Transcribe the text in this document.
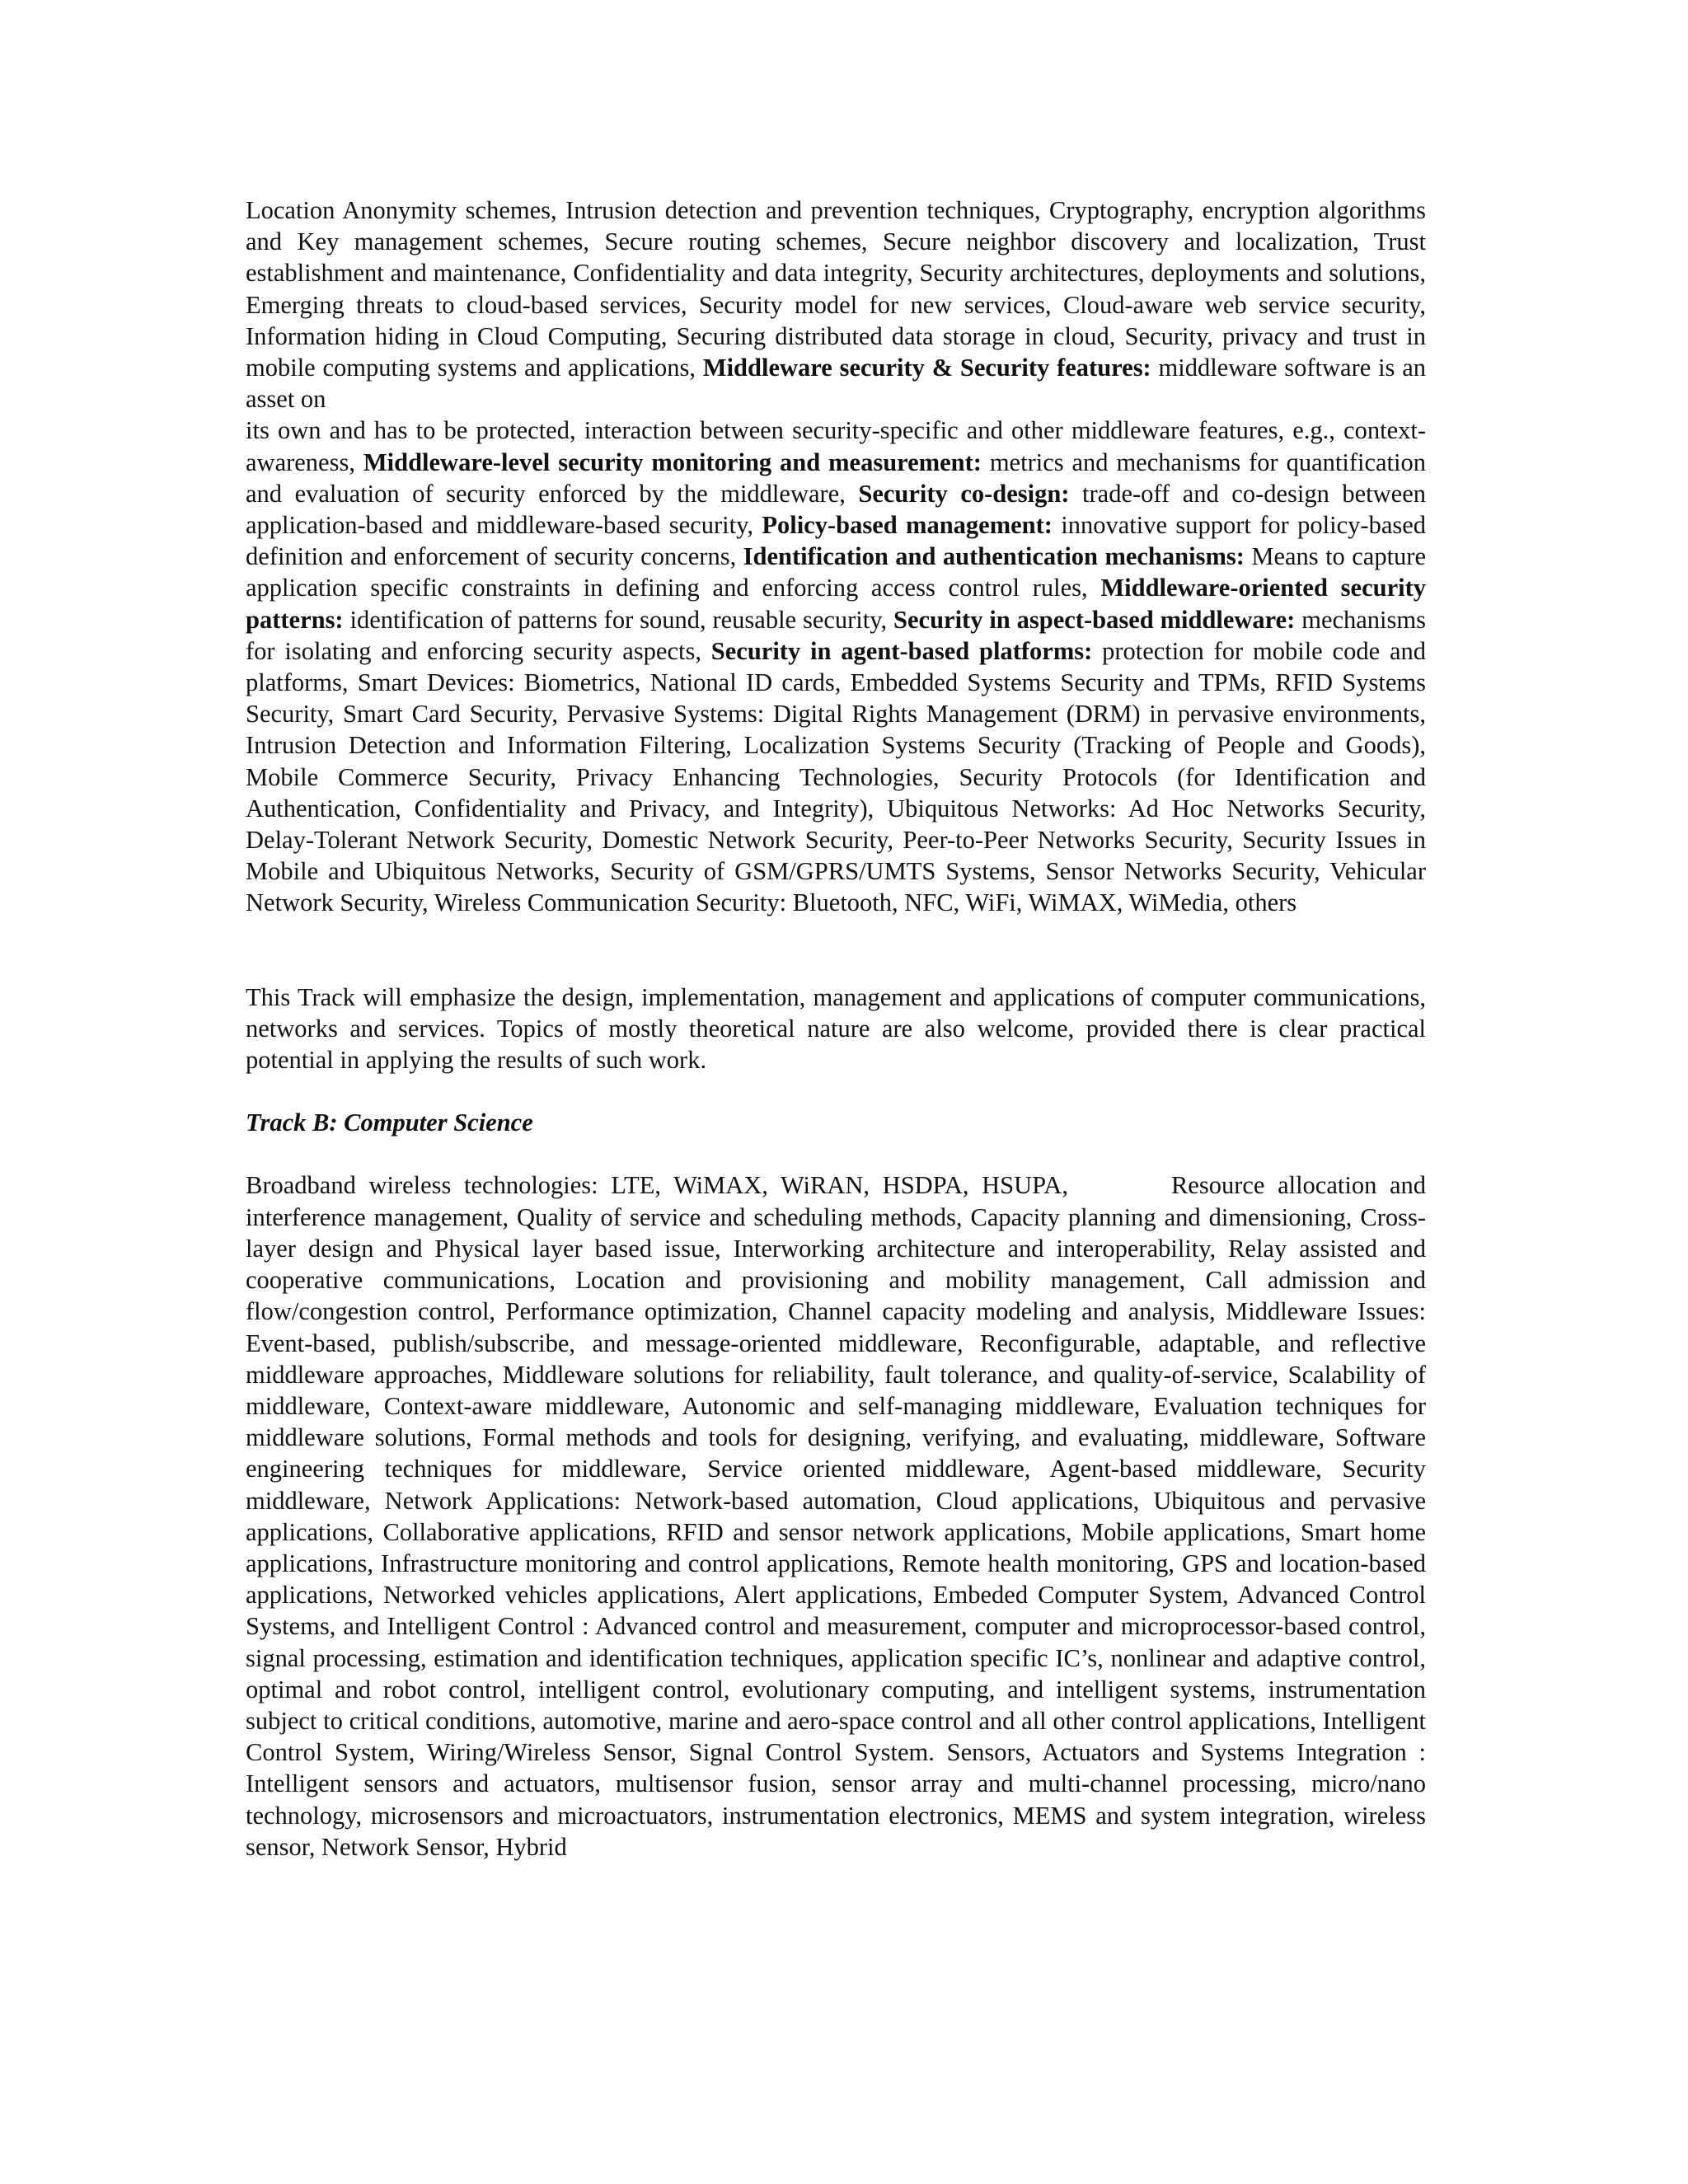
Location Anonymity schemes, Intrusion detection and prevention techniques, Cryptography, encryption algorithms and Key management schemes, Secure routing schemes, Secure neighbor discovery and localization, Trust establishment and maintenance, Confidentiality and data integrity, Security architectures, deployments and solutions, Emerging threats to cloud-based services, Security model for new services, Cloud-aware web service security, Information hiding in Cloud Computing, Securing distributed data storage in cloud, Security, privacy and trust in mobile computing systems and applications, Middleware security & Security features: middleware software is an asset on

its own and has to be protected, interaction between security-specific and other middleware features, e.g., context-awareness, Middleware-level security monitoring and measurement: metrics and mechanisms for quantification and evaluation of security enforced by the middleware, Security co-design: trade-off and co-design between application-based and middleware-based security, Policy-based management: innovative support for policy-based definition and enforcement of security concerns, Identification and authentication mechanisms: Means to capture application specific constraints in defining and enforcing access control rules, Middleware-oriented security patterns: identification of patterns for sound, reusable security, Security in aspect-based middleware: mechanisms for isolating and enforcing security aspects, Security in agent-based platforms: protection for mobile code and platforms, Smart Devices: Biometrics, National ID cards, Embedded Systems Security and TPMs, RFID Systems Security, Smart Card Security, Pervasive Systems: Digital Rights Management (DRM) in pervasive environments, Intrusion Detection and Information Filtering, Localization Systems Security (Tracking of People and Goods), Mobile Commerce Security, Privacy Enhancing Technologies, Security Protocols (for Identification and Authentication, Confidentiality and Privacy, and Integrity), Ubiquitous Networks: Ad Hoc Networks Security, Delay-Tolerant Network Security, Domestic Network Security, Peer-to-Peer Networks Security, Security Issues in Mobile and Ubiquitous Networks, Security of GSM/GPRS/UMTS Systems, Sensor Networks Security, Vehicular Network Security, Wireless Communication Security: Bluetooth, NFC, WiFi, WiMAX, WiMedia, others

This Track will emphasize the design, implementation, management and applications of computer communications, networks and services. Topics of mostly theoretical nature are also welcome, provided there is clear practical potential in applying the results of such work.

Track B: Computer Science

Broadband wireless technologies: LTE, WiMAX, WiRAN, HSDPA, HSUPA,        Resource allocation and interference management, Quality of service and scheduling methods, Capacity planning and dimensioning, Cross-layer design and Physical layer based issue, Interworking architecture and interoperability, Relay assisted and cooperative communications, Location and provisioning and mobility management, Call admission and flow/congestion control, Performance optimization, Channel capacity modeling and analysis, Middleware Issues: Event-based, publish/subscribe, and message-oriented middleware, Reconfigurable, adaptable, and reflective middleware approaches, Middleware solutions for reliability, fault tolerance, and quality-of-service, Scalability of middleware, Context-aware middleware, Autonomic and self-managing middleware, Evaluation techniques for middleware solutions, Formal methods and tools for designing, verifying, and evaluating, middleware, Software engineering techniques for middleware, Service oriented middleware, Agent-based middleware, Security middleware, Network Applications: Network-based automation, Cloud applications, Ubiquitous and pervasive applications, Collaborative applications, RFID and sensor network applications, Mobile applications, Smart home applications, Infrastructure monitoring and control applications, Remote health monitoring, GPS and location-based applications, Networked vehicles applications, Alert applications, Embeded Computer System, Advanced Control Systems, and Intelligent Control : Advanced control and measurement, computer and microprocessor-based control, signal processing, estimation and identification techniques, application specific IC’s, nonlinear and adaptive control, optimal and robot control, intelligent control, evolutionary computing, and intelligent systems, instrumentation subject to critical conditions, automotive, marine and aero-space control and all other control applications, Intelligent Control System, Wiring/Wireless Sensor, Signal Control System. Sensors, Actuators and Systems Integration : Intelligent sensors and actuators, multisensor fusion, sensor array and multi-channel processing, micro/nano technology, microsensors and microactuators, instrumentation electronics, MEMS and system integration, wireless sensor, Network Sensor, Hybrid
